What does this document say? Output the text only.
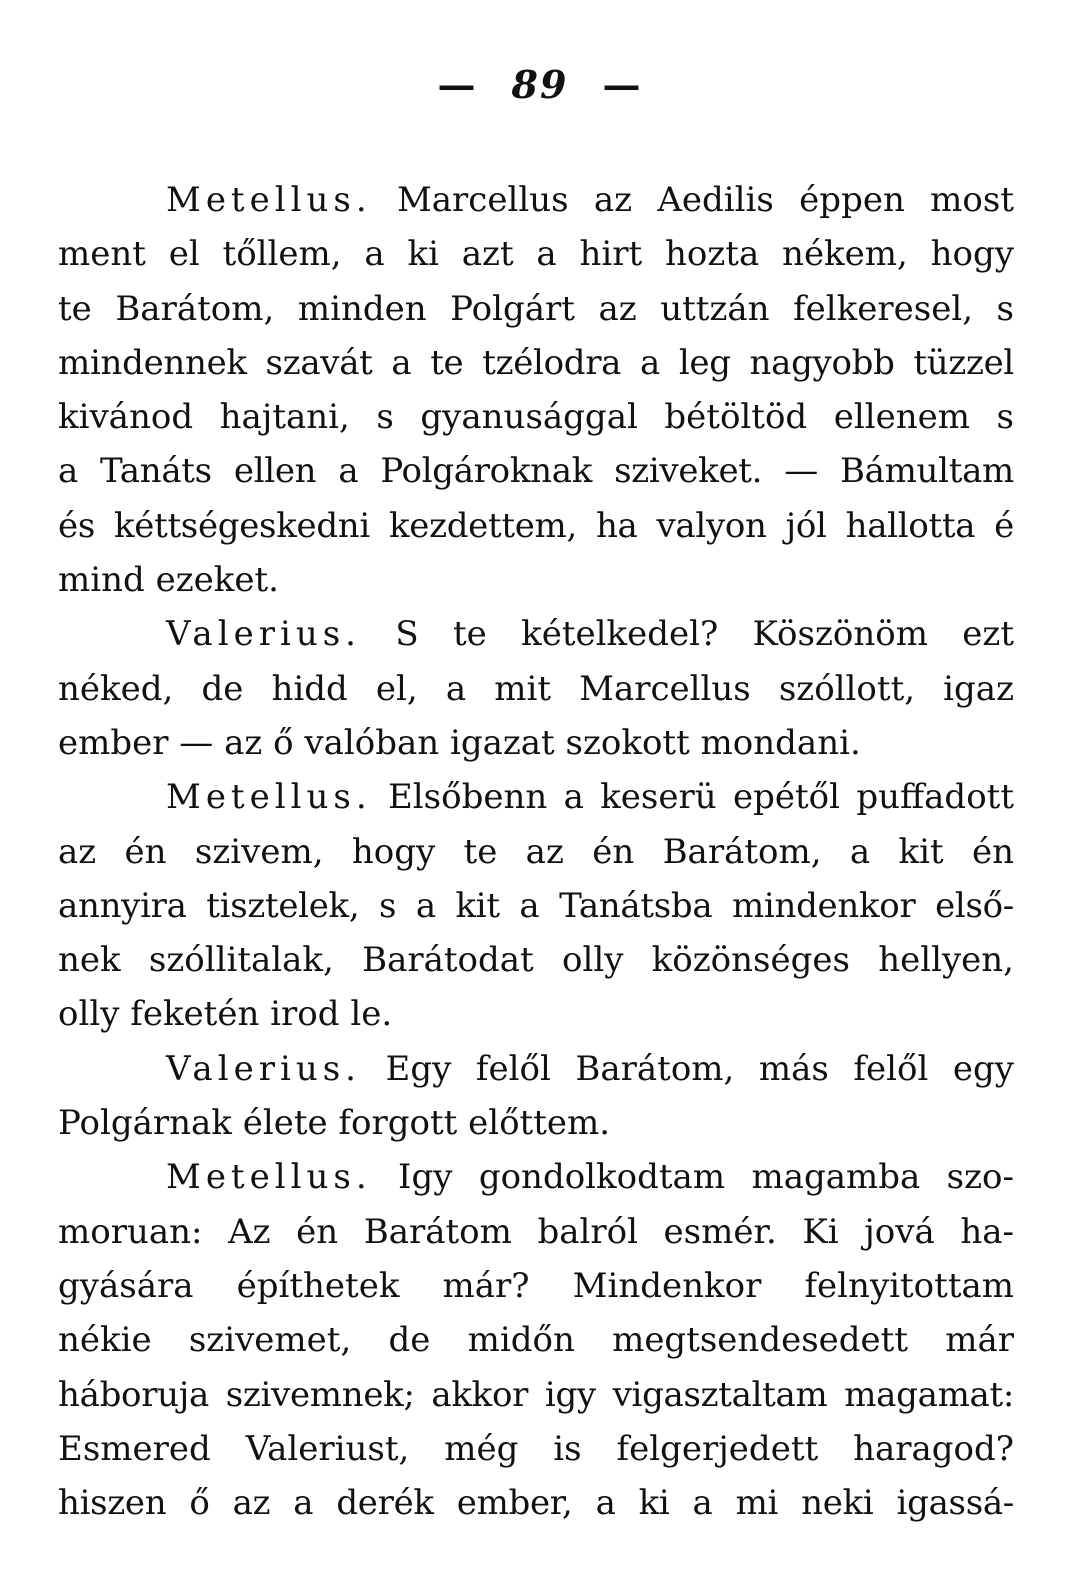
— 89 —
Metellus. Marcellus az Aedilis éppen most
ment el tőllem, a ki azt a hirt hozta nékem, hogy
te Barátom, minden Polgárt az uttzán felkeresel, s
mindennek szavát a te tzélodra a leg nagyobb tüzzel
kivánod hajtani, s gyanusággal bétöltöd ellenem s
a Tanáts ellen a Polgároknak sziveket. — Bámultam
és kéttségeskedni kezdettem, ha valyon jól hallotta é
mind ezeket.
Valerius. S te kételkedel? Köszönöm ezt
néked, de hidd el, a mit Marcellus szóllott, igaz
ember — az ő valóban igazat szokott mondani.
Metellus. Elsőbenn a keserü epétől puffadott
az én szivem, hogy te az én Barátom, a kit én
annyira tisztelek, s a kit a Tanátsba mindenkor első-
nek szóllitalak, Barátodat olly közönséges hellyen,
olly feketén irod le.
Valerius. Egy felől Barátom, más felől egy
Polgárnak élete forgott előttem.
Metellus. Igy gondolkodtam magamba szo-
moruan: Az én Barátom balról esmér. Ki jová ha-
gyására építhetek már? Mindenkor felnyitottam
nékie szivemet, de midőn megtsendesedett már
háboruja szivemnek; akkor igy vigasztaltam magamat:
Esmered Valeriust, még is felgerjedett haragod?
hiszen ő az a derék ember, a ki a mi neki igassá-
